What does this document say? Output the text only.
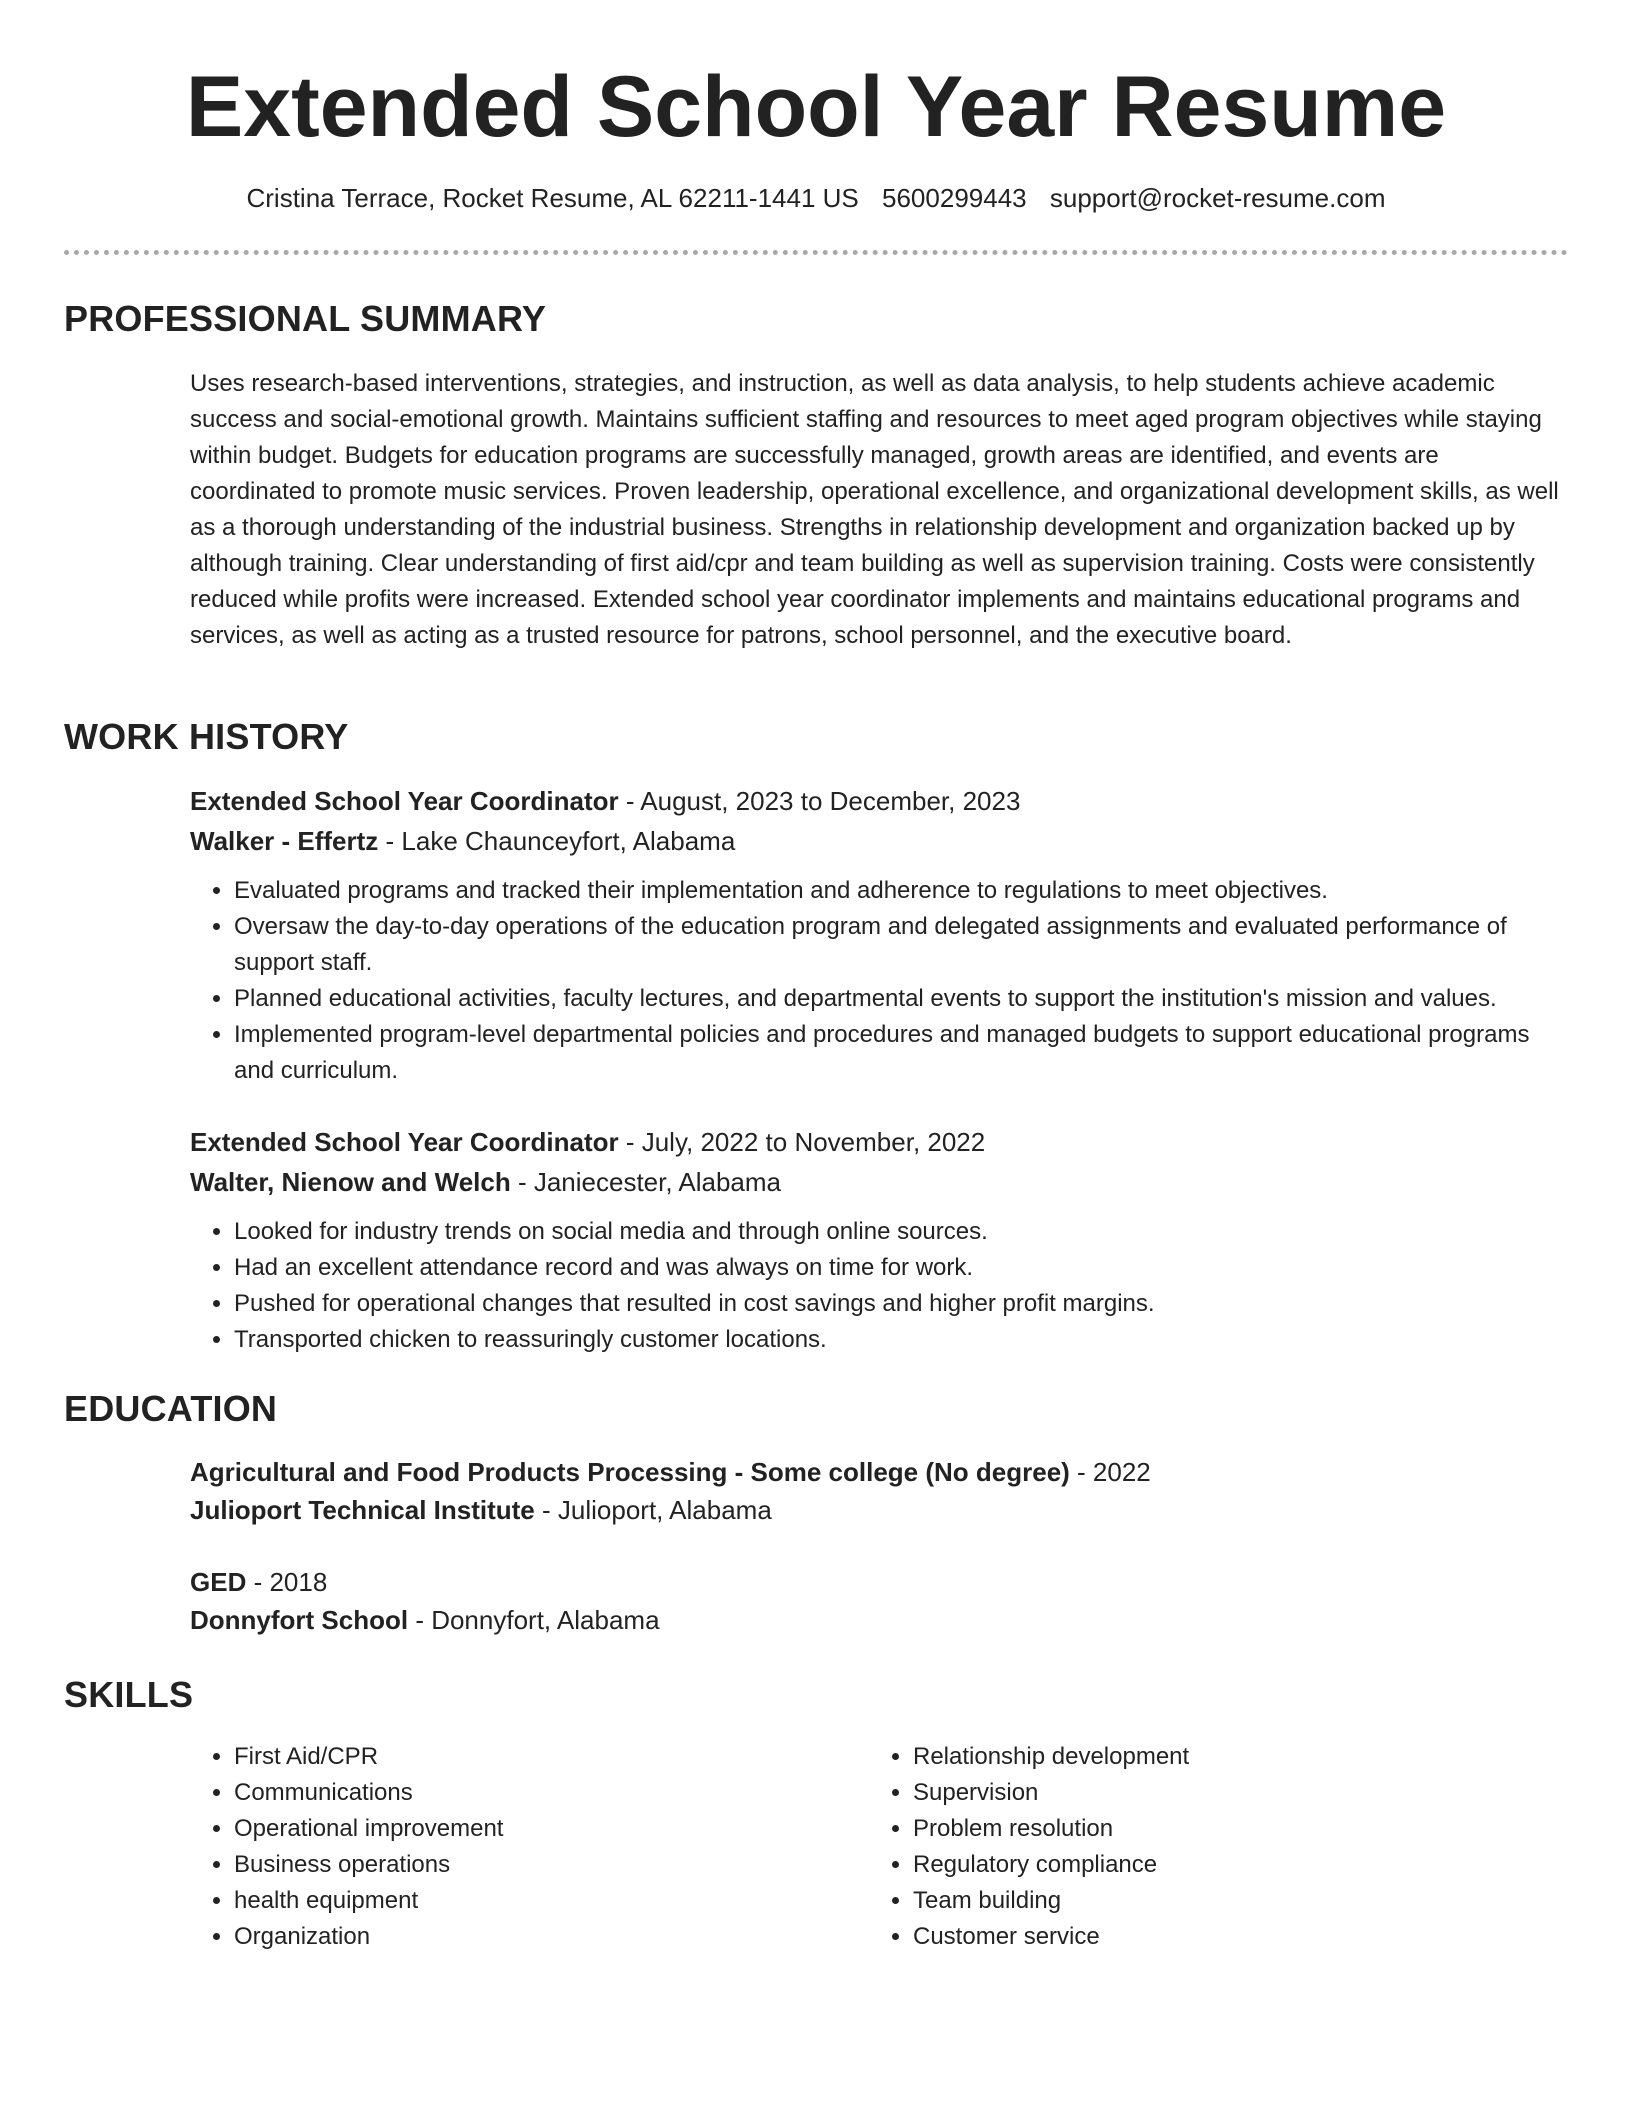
Extended School Year Resume
Cristina Terrace, Rocket Resume, AL 62211-1441 US 5600299443 support@rocket-resume.com
PROFESSIONAL SUMMARY

Uses research-based interventions, strategies, and instruction, as well as data analysis, to help students achieve academic success and social-emotional growth. Maintains sufficient staffing and resources to meet aged program objectives while staying within budget. Budgets for education programs are successfully managed, growth areas are identified, and events are coordinated to promote music services. Proven leadership, operational excellence, and organizational development skills, as well as a thorough understanding of the industrial business. Strengths in relationship development and organization backed up by although training. Clear understanding of first aid/cpr and team building as well as supervision training. Costs were consistently reduced while profits were increased. Extended school year coordinator implements and maintains educational programs and services, as well as acting as a trusted resource for patrons, school personnel, and the executive board.

WORK HISTORY
Extended School Year Coordinator - August, 2023 to December, 2023
Walker - Effertz - Lake Chaunceyfort, Alabama
• Evaluated programs and tracked their implementation and adherence to regulations to meet objectives.
• Oversaw the day-to-day operations of the education program and delegated assignments and evaluated performance of support staff.
• Planned educational activities, faculty lectures, and departmental events to support the institution's mission and values.
• Implemented program-level departmental policies and procedures and managed budgets to support educational programs and curriculum.
Extended School Year Coordinator - July, 2022 to November, 2022
Walter, Nienow and Welch - Janiecester, Alabama
• Looked for industry trends on social media and through online sources.
• Had an excellent attendance record and was always on time for work.
• Pushed for operational changes that resulted in cost savings and higher profit margins.
• Transported chicken to reassuringly customer locations.
EDUCATION
Agricultural and Food Products Processing - Some college (No degree) - 2022
Julioport Technical Institute - Julioport, Alabama
GED - 2018
Donnyfort School - Donnyfort, Alabama
SKILLS
• First Aid/CPR
• Communications
• Operational improvement
• Business operations
• health equipment
• Organization
• Relationship development
• Supervision
• Problem resolution
• Regulatory compliance
• Team building
• Customer service
